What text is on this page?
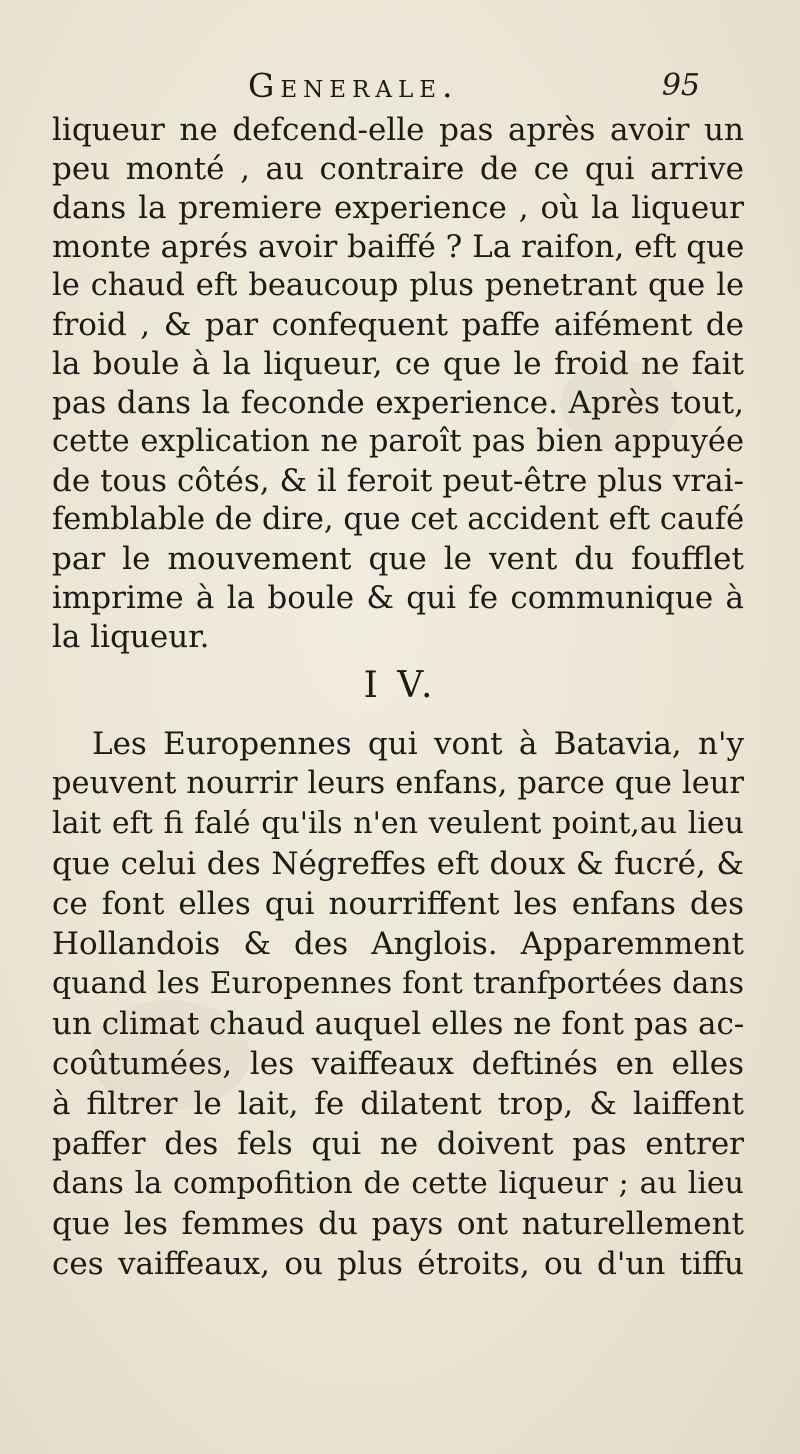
Generale.	95
liqueur ne defcend-elle pas après avoir un
peu monté , au contraire de ce qui arrive
dans la premiere experience , où la liqueur
monte aprés avoir baiffé ? La raifon, eft que
le chaud eft beaucoup plus penetrant que le
froid , & par confequent paffe aifément de
la boule à la liqueur, ce que le froid ne fait
pas dans la feconde experience. Après tout,
cette explication ne paroît pas bien appuyée
de tous côtés, & il feroit peut-être plus vrai-
femblable de dire, que cet accident eft caufé
par le mouvement que le vent du foufflet
imprime à la boule & qui fe communique à
la liqueur.
I V.
Les Europennes qui vont à Batavia, n'y
peuvent nourrir leurs enfans, parce que leur
lait eft fi falé qu'ils n'en veulent point,au lieu
que celui des Négreffes eft doux & fucré, &
ce font elles qui nourriffent les enfans des
Hollandois & des Anglois. Apparemment
quand les Europennes font tranfportées dans
un climat chaud auquel elles ne font pas ac-
coûtumées, les vaiffeaux deftinés en elles
à filtrer le lait, fe dilatent trop, & laiffent
paffer des fels qui ne doivent pas entrer
dans la compofition de cette liqueur ; au lieu
que les femmes du pays ont naturellement
ces vaiffeaux, ou plus étroits, ou d'un tiffu
